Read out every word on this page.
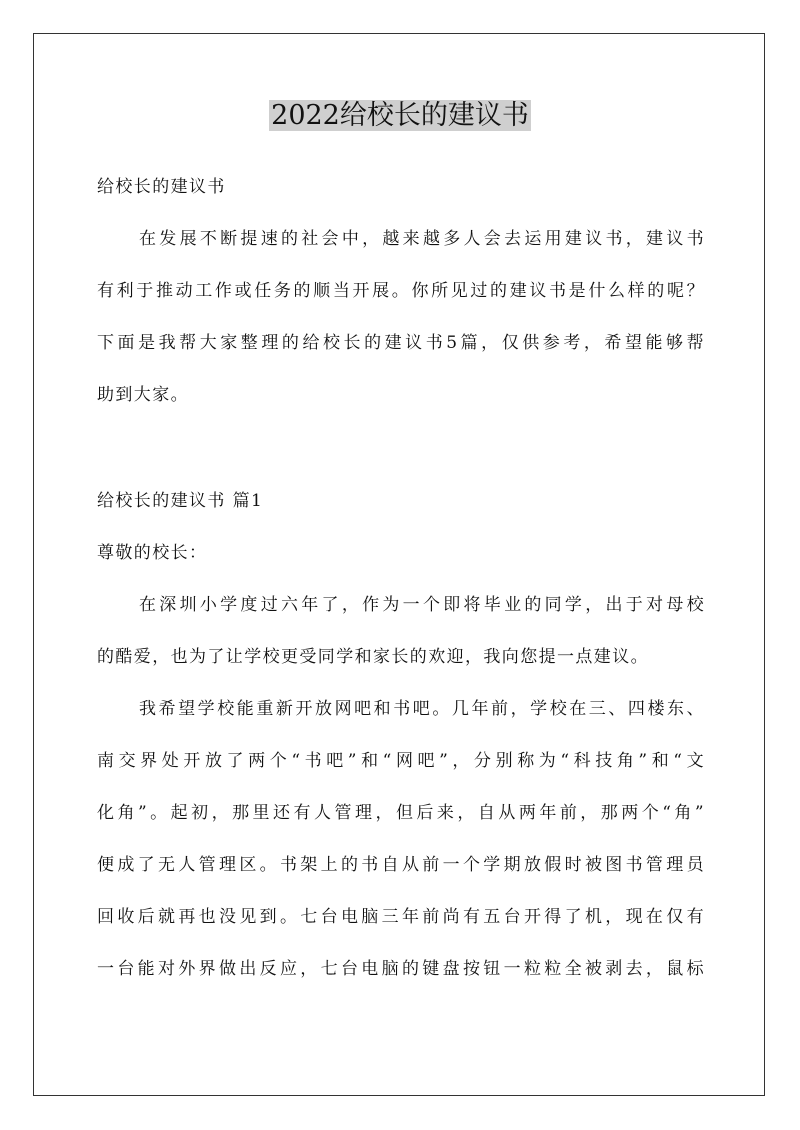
2022给校长的建议书
给校长的建议书
在发展不断提速的社会中，越来越多人会去运用建议书，建议书
有利于推动工作或任务的顺当开展。你所见过的建议书是什么样的呢？
下面是我帮大家整理的给校长的建议书5篇，仅供参考，希望能够帮
助到大家。
给校长的建议书 篇1
尊敬的校长：
在深圳小学度过六年了，作为一个即将毕业的同学，出于对母校
的酷爱，也为了让学校更受同学和家长的欢迎，我向您提一点建议。
我希望学校能重新开放网吧和书吧。几年前，学校在三、四楼东、
南交界处开放了两个“书吧”和“网吧”，分别称为“科技角”和“文
化角”。起初，那里还有人管理，但后来，自从两年前，那两个“角”
便成了无人管理区。书架上的书自从前一个学期放假时被图书管理员
回收后就再也没见到。七台电脑三年前尚有五台开得了机，现在仅有
一台能对外界做出反应，七台电脑的键盘按钮一粒粒全被剥去，鼠标
